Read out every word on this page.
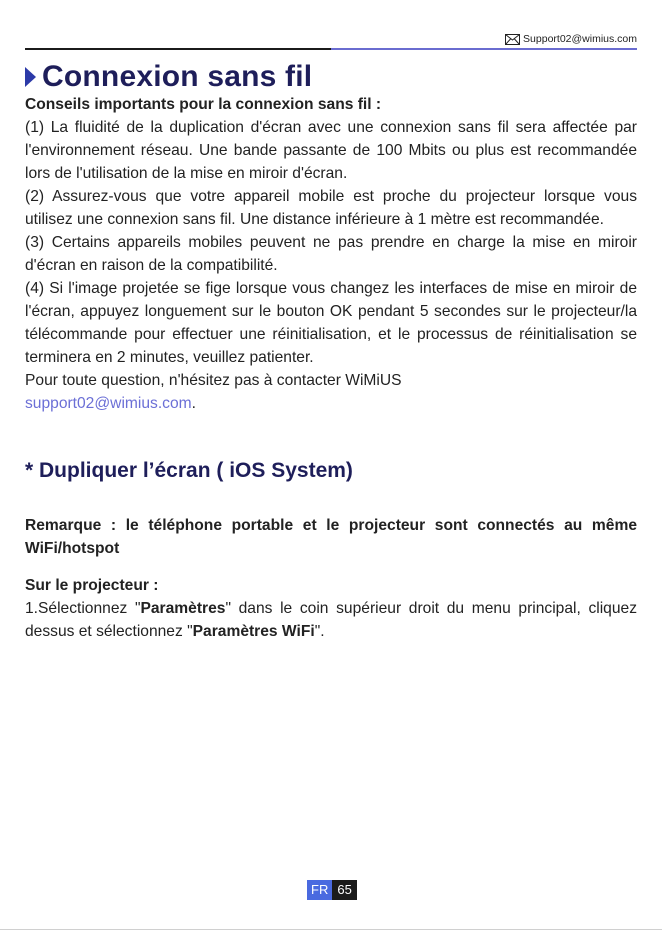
Support02@wimius.com
Connexion sans fil

Conseils importants pour la connexion sans fil :

(1) La fluidité de la duplication d'écran avec une connexion sans fil sera affectée par l'environnement réseau. Une bande passante de 100 Mbits ou plus est recommandée lors de l'utilisation de la mise en miroir d'écran.

(2) Assurez-vous que votre appareil mobile est proche du projecteur lorsque vous utilisez une connexion sans fil. Une distance inférieure à 1 mètre est recommandée.

(3) Certains appareils mobiles peuvent ne pas prendre en charge la mise en miroir d'écran en raison de la compatibilité.

(4) Si l'image projetée se fige lorsque vous changez les interfaces de mise en miroir de l'écran, appuyez longuement sur le bouton OK pendant 5 secondes sur le projecteur/la télécommande pour effectuer une réinitialisation, et le processus de réinitialisation se terminera en 2 minutes, veuillez patienter.

Pour toute question, n'hésitez pas à contacter WiMiUS

support02@wimius.com.

* Dupliquer l’écran ( iOS System)

Remarque : le téléphone portable et le projecteur sont connectés au même WiFi/hotspot

Sur le projecteur :

1.Sélectionnez "Paramètres" dans le coin supérieur droit du menu principal, cliquez dessus et sélectionnez "Paramètres WiFi".

FR 65
